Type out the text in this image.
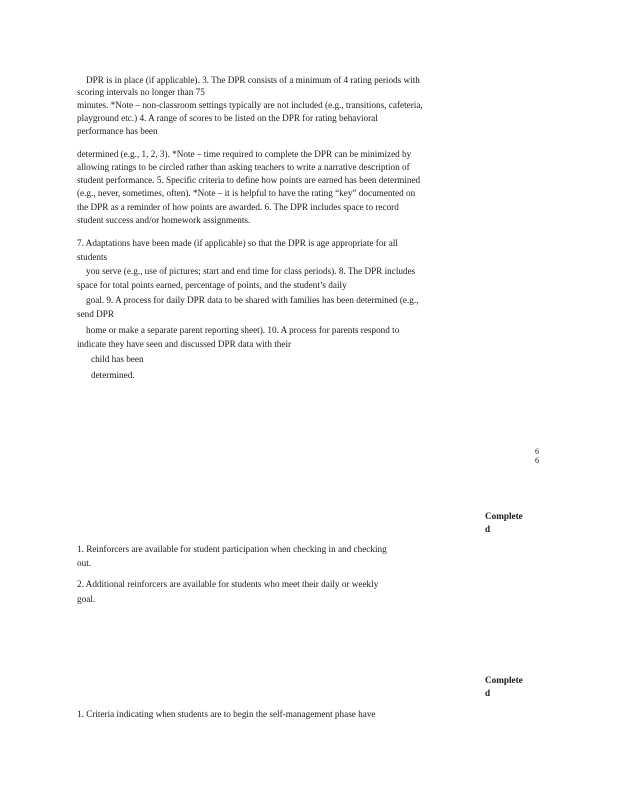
DPR is in place (if applicable). 3. The DPR consists of a minimum of 4 rating periods with
scoring intervals no longer than 75
minutes. *Note – non-classroom settings typically are not included (e.g., transitions, cafeteria,
playground etc.) 4. A range of scores to be listed on the DPR for rating behavioral
performance has been
determined (e.g., 1, 2, 3). *Note – time required to complete the DPR can be minimized by
allowing ratings to be circled rather than asking teachers to write a narrative description of
student performance. 5. Specific criteria to define how points are earned has been determined
(e.g., never, sometimes, often). *Note – it is helpful to have the rating “key” documented on
the DPR as a reminder of how points are awarded. 6. The DPR includes space to record
student success and/or homework assignments.
7. Adaptations have been made (if applicable) so that the DPR is age appropriate for all
students
you serve (e.g., use of pictures; start and end time for class periods). 8. The DPR includes
space for total points earned, percentage of points, and the student’s daily
goal. 9. A process for daily DPR data to be shared with families has been determined (e.g.,
send DPR
home or make a separate parent reporting sheet). 10. A process for parents respond to
indicate they have seen and discussed DPR data with their
child has been
determined.
6
6
Complete
d
1. Reinforcers are available for student participation when checking in and checking
out.
2. Additional reinforcers are available for students who meet their daily or weekly
goal.
Complete
d
1. Criteria indicating when students are to begin the self-management phase have
